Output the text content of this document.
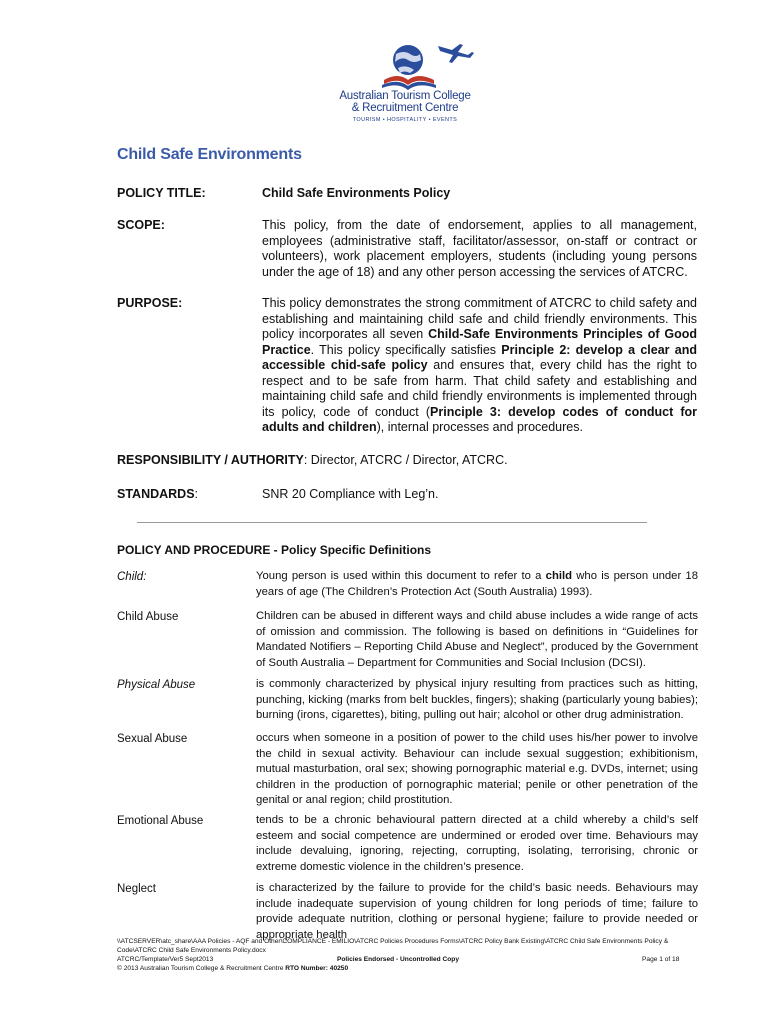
Australian Tourism College
& Recruitment Centre
TOURISM • HOSPITALITY • EVENTS
Child Safe Environments
POLICY TITLE:	Child Safe Environments Policy
SCOPE:	This policy, from the date of endorsement, applies to all management, employees (administrative staff, facilitator/assessor, on-staff or contract or volunteers), work placement employers, students (including young persons under the age of 18) and any other person accessing the services of ATCRC.
PURPOSE:	This policy demonstrates the strong commitment of ATCRC to child safety and establishing and maintaining child safe and child friendly environments. This policy incorporates all seven Child-Safe Environments Principles of Good Practice. This policy specifically satisfies Principle 2: develop a clear and accessible chid-safe policy and ensures that, every child has the right to respect and to be safe from harm. That child safety and establishing and maintaining child safe and child friendly environments is implemented through its policy, code of conduct (Principle 3: develop codes of conduct for adults and children), internal processes and procedures.
RESPONSIBILITY / AUTHORITY: Director, ATCRC / Director, ATCRC.
STANDARDS:	SNR 20 Compliance with Leg’n.
POLICY AND PROCEDURE - Policy Specific Definitions
Child:	Young person is used within this document to refer to a child who is person under 18 years of age (The Children’s Protection Act (South Australia) 1993).
Child Abuse	Children can be abused in different ways and child abuse includes a wide range of acts of omission and commission. The following is based on definitions in “Guidelines for Mandated Notifiers – Reporting Child Abuse and Neglect”, produced by the Government of South Australia – Department for Communities and Social Inclusion (DCSI).
Physical Abuse	is commonly characterized by physical injury resulting from practices such as hitting, punching, kicking (marks from belt buckles, fingers); shaking (particularly young babies); burning (irons, cigarettes), biting, pulling out hair; alcohol or other drug administration.
Sexual Abuse	occurs when someone in a position of power to the child uses his/her power to involve the child in sexual activity. Behaviour can include sexual suggestion; exhibitionism, mutual masturbation, oral sex; showing pornographic material e.g. DVDs, internet; using children in the production of pornographic material; penile or other penetration of the genital or anal region; child prostitution.
Emotional Abuse	tends to be a chronic behavioural pattern directed at a child whereby a child’s self esteem and social competence are undermined or eroded over time. Behaviours may include devaluing, ignoring, rejecting, corrupting, isolating, terrorising, chronic or extreme domestic violence in the children’s presence.
Neglect	is characterized by the failure to provide for the child’s basic needs. Behaviours may include inadequate supervision of young children for long periods of time; failure to provide adequate nutrition, clothing or personal hygiene; failure to provide needed or appropriate health
\\ATCSERVER\atc_share\AAA Policies - AQF and Other\COMPLIANCE - EMILIO\ATCRC Policies Procedures Forms\ATCRC Policy Bank Existing\ATCRC Child Safe Environments Policy & Code\ATCRC Child Safe Environments Policy.docx
ATCRC/Template/Ver5 Sept2013
© 2013 Australian Tourism College & Recruitment Centre RTO Number: 40250
Policies Endorsed - Uncontrolled Copy	Page 1 of 18
